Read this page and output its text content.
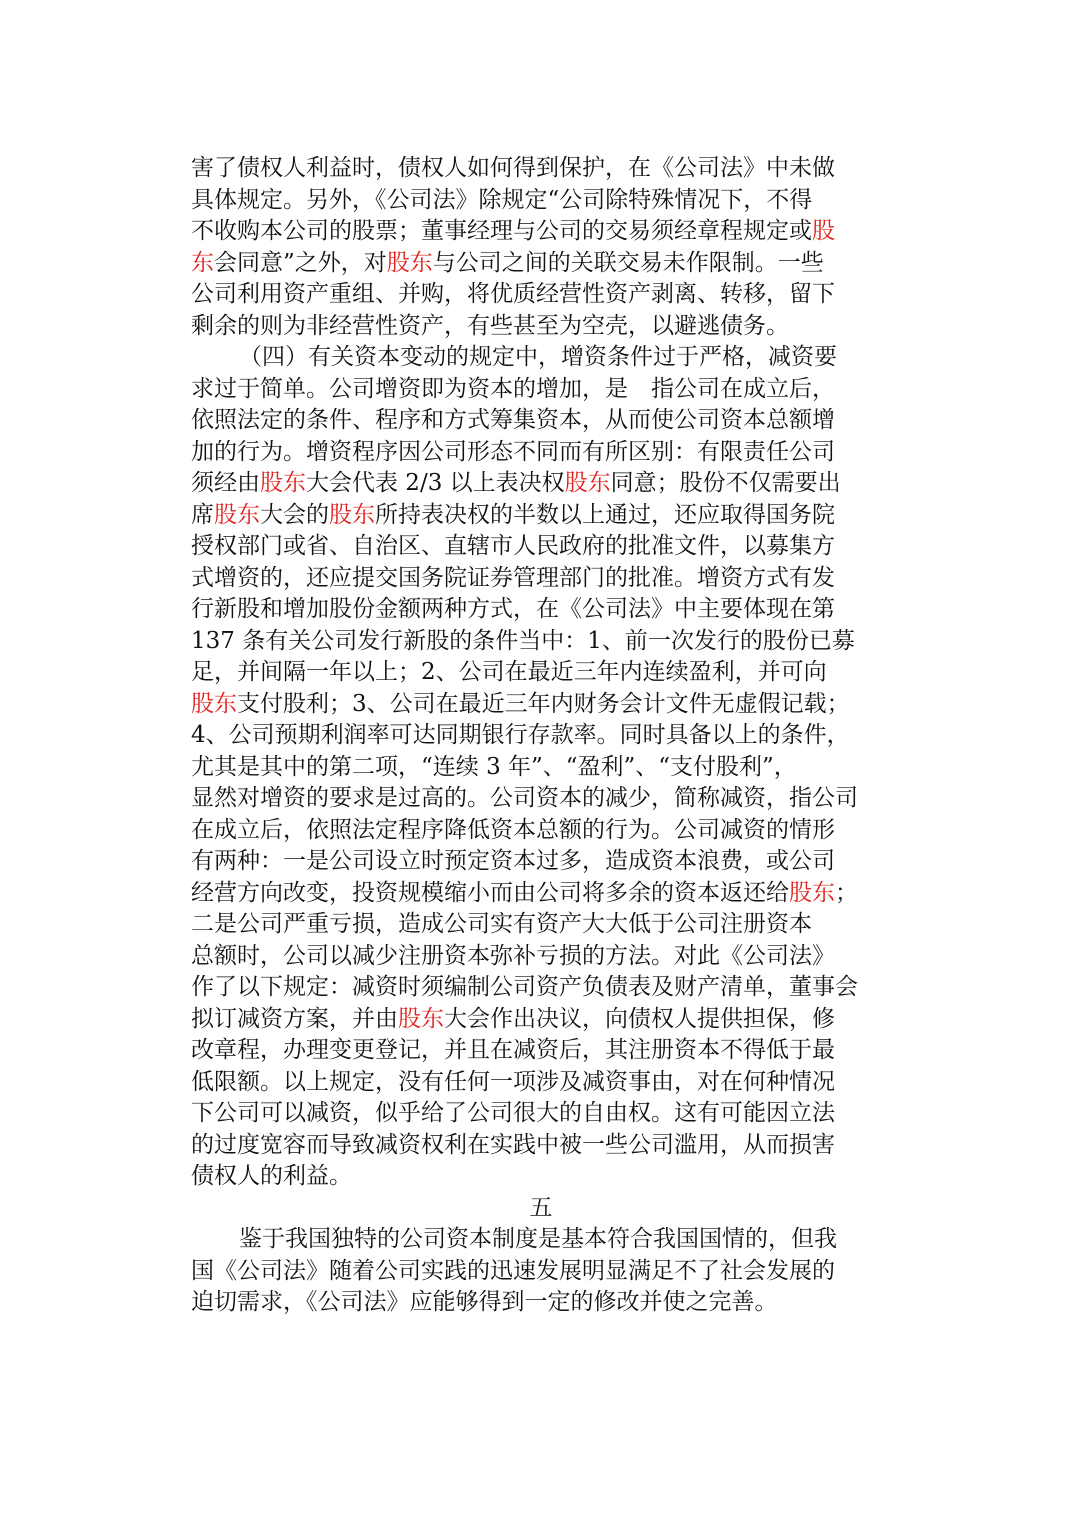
害了债权人利益时，债权人如何得到保护，在《公司法》中未做
具体规定。另外，《公司法》除规定“公司除特殊情况下，不得
不收购本公司的股票；董事经理与公司的交易须经章程规定或股
东会同意”之外，对股东与公司之间的关联交易未作限制。一些
公司利用资产重组、并购，将优质经营性资产剥离、转移，留下
剩余的则为非经营性资产，有些甚至为空壳，以避逃债务。
（四）有关资本变动的规定中，增资条件过于严格，减资要
求过于简单。公司增资即为资本的增加，是　指公司在成立后，
依照法定的条件、程序和方式筹集资本，从而使公司资本总额增
加的行为。增资程序因公司形态不同而有所区别：有限责任公司
须经由股东大会代表 2/3 以上表决权股东同意；股份不仅需要出
席股东大会的股东所持表决权的半数以上通过，还应取得国务院
授权部门或省、自治区、直辖市人民政府的批准文件，以募集方
式增资的，还应提交国务院证券管理部门的批准。增资方式有发
行新股和增加股份金额两种方式，在《公司法》中主要体现在第
137 条有关公司发行新股的条件当中：1、前一次发行的股份已募
足，并间隔一年以上；2、公司在最近三年内连续盈利，并可向
股东支付股利；3、公司在最近三年内财务会计文件无虚假记载；
4、公司预期利润率可达同期银行存款率。同时具备以上的条件，
尤其是其中的第二项，“连续 3 年”、“盈利”、“支付股利”，
显然对增资的要求是过高的。公司资本的减少，简称减资，指公司
在成立后，依照法定程序降低资本总额的行为。公司减资的情形
有两种：一是公司设立时预定资本过多，造成资本浪费，或公司
经营方向改变，投资规模缩小而由公司将多余的资本返还给股东；
二是公司严重亏损，造成公司实有资产大大低于公司注册资本
总额时，公司以减少注册资本弥补亏损的方法。对此《公司法》
作了以下规定：减资时须编制公司资产负债表及财产清单，董事会
拟订减资方案，并由股东大会作出决议，向债权人提供担保，修
改章程，办理变更登记，并且在减资后，其注册资本不得低于最
低限额。以上规定，没有任何一项涉及减资事由，对在何种情况
下公司可以减资，似乎给了公司很大的自由权。这有可能因立法
的过度宽容而导致减资权利在实践中被一些公司滥用，从而损害
债权人的利益。
五
鉴于我国独特的公司资本制度是基本符合我国国情的，但我
国《公司法》随着公司实践的迅速发展明显满足不了社会发展的
迫切需求，《公司法》应能够得到一定的修改并使之完善。
